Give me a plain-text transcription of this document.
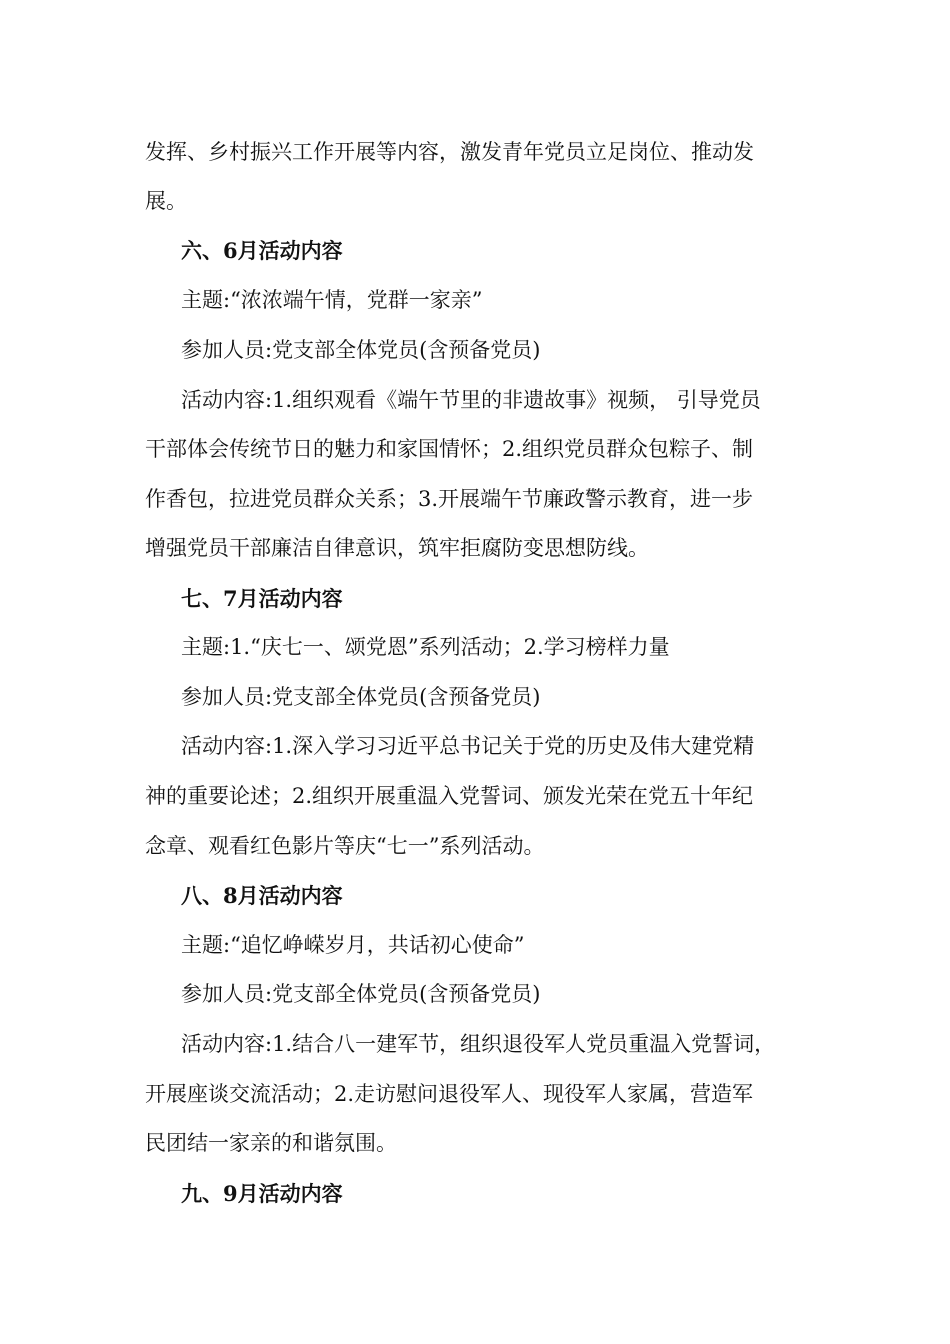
发挥、乡村振兴工作开展等内容，激发青年党员立足岗位、推动发
展。
六、6月活动内容
主题:“浓浓端午情，党群一家亲”
参加人员:党支部全体党员(含预备党员)
活动内容:1.组织观看《端午节里的非遗故事》视频， 引导党员
干部体会传统节日的魅力和家国情怀；2.组织党员群众包粽子、制
作香包，拉进党员群众关系；3.开展端午节廉政警示教育，进一步
增强党员干部廉洁自律意识，筑牢拒腐防变思想防线。
七、7月活动内容
主题:1.“庆七一、颂党恩”系列活动；2.学习榜样力量
参加人员:党支部全体党员(含预备党员)
活动内容:1.深入学习习近平总书记关于党的历史及伟大建党精
神的重要论述；2.组织开展重温入党誓词、颁发光荣在党五十年纪
念章、观看红色影片等庆“七一”系列活动。
八、8月活动内容
主题:“追忆峥嵘岁月，共话初心使命”
参加人员:党支部全体党员(含预备党员)
活动内容:1.结合八一建军节，组织退役军人党员重温入党誓词，
开展座谈交流活动；2.走访慰问退役军人、现役军人家属，营造军
民团结一家亲的和谐氛围。
九、9月活动内容
